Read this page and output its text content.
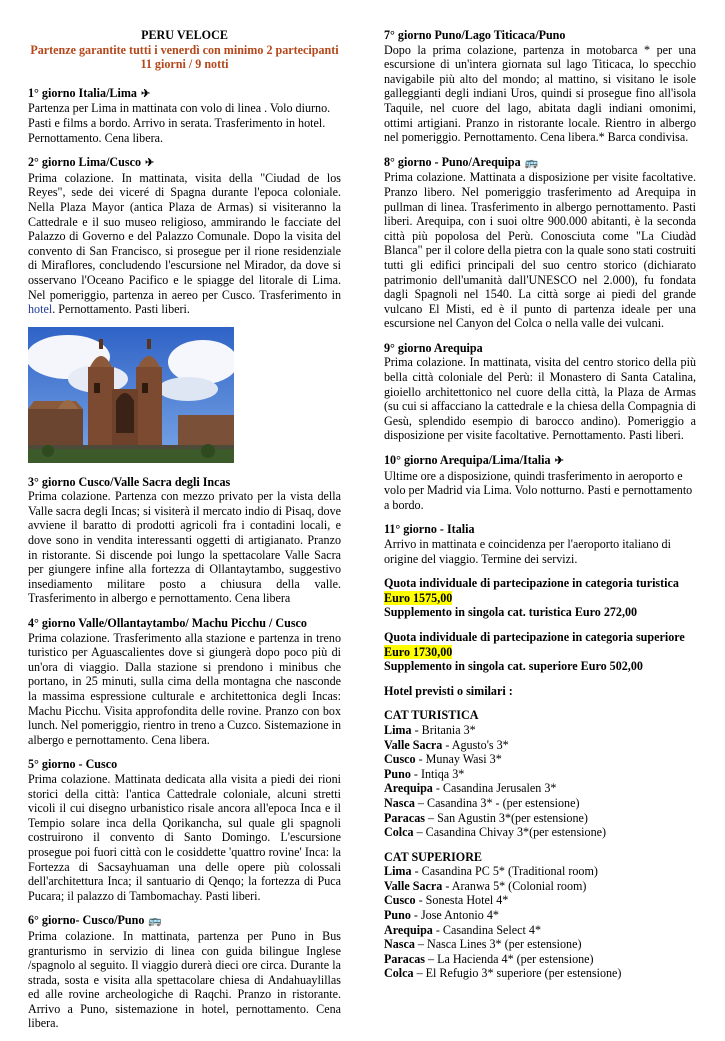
PERU VELOCE
Partenze garantite tutti i venerdì con minimo 2 partecipanti
11 giorni / 9 notti
1° giorno Italia/Lima ✈
Partenza per Lima in mattinata con volo di linea . Volo diurno. Pasti e films a bordo. Arrivo in serata. Trasferimento in hotel. Pernottamento. Cena libera.
2° giorno Lima/Cusco ✈
Prima colazione. In mattinata, visita della "Ciudad de los Reyes", sede dei viceré di Spagna durante l'epoca coloniale. Nella Plaza Mayor (antica Plaza de Armas) si visiteranno la Cattedrale e il suo museo religioso, ammirando le facciate del Palazzo di Governo e del Palazzo Comunale. Dopo la visita del convento di San Francisco, si prosegue per il rione residenziale di Miraflores, concludendo l'escursione nel Mirador, da dove si osservano l'Oceano Pacifico e le spiagge del litorale di Lima. Nel pomeriggio, partenza in aereo per Cusco. Trasferimento in hotel. Pernottamento. Pasti liberi.
3° giorno Cusco/Valle Sacra degli Incas
Prima colazione. Partenza con mezzo privato per la vista della Valle sacra degli Incas; si visiterà il mercato indio di Pisaq, dove avviene il baratto di prodotti agricoli fra i contadini locali, e dove sono in vendita interessanti oggetti di artigianato. Pranzo in ristorante. Si discende poi lungo la spettacolare Valle Sacra per giungere infine alla fortezza di Ollantaytambo, suggestivo insediamento militare posto a chiusura della valle. Trasferimento in albergo e pernottamento. Cena libera
4° giorno Valle/Ollantaytambo/ Machu Picchu / Cusco
Prima colazione. Trasferimento alla stazione e partenza in treno turistico per Aguascalientes dove si giungerà dopo poco più di un'ora di viaggio. Dalla stazione si prendono i minibus che portano, in 25 minuti, sulla cima della montagna che nasconde la massima espressione culturale e architettonica degli Incas: Machu Picchu. Visita approfondita delle rovine. Pranzo con box lunch. Nel pomeriggio, rientro in treno a Cuzco. Sistemazione in albergo e pernottamento. Cena libera.
5° giorno - Cusco
Prima colazione. Mattinata dedicata alla visita a piedi dei rioni storici della città: l'antica Cattedrale coloniale, alcuni stretti vicoli il cui disegno urbanistico risale ancora all'epoca Inca e il Tempio solare inca della Qorikancha, sul quale gli spagnoli costruirono il convento di Santo Domingo. L'escursione prosegue poi fuori città con le cosiddette 'quattro rovine' Inca: la Fortezza di Sacsayhuaman una delle opere più colossali dell'architettura Inca; il santuario di Qenqo; la fortezza di Puca Pucara; il palazzo di Tambomachay. Pasti liberi.
6° giorno- Cusco/Puno 🚌
Prima colazione. In mattinata, partenza per Puno in Bus granturismo in servizio di linea con guida bilingue Inglese /spagnolo al seguito. Il viaggio durerà dieci ore circa. Durante la strada, sosta e visita alla spettacolare chiesa di Andahuaylillas ed alle rovine archeologiche di Raqchi. Pranzo in ristorante. Arrivo a Puno, sistemazione in hotel, pernottamento. Cena libera.
7° giorno Puno/Lago Titicaca/Puno
Dopo la prima colazione, partenza in motobarca * per una escursione di un'intera giornata sul lago Titicaca, lo specchio navigabile più alto del mondo; al mattino, si visitano le isole galleggianti degli indiani Uros, quindi si prosegue fino all'isola Taquile, nel cuore del lago, abitata dagli indiani omonimi, ottimi artigiani. Pranzo in ristorante locale. Rientro in albergo nel pomeriggio. Pernottamento. Cena libera.* Barca condivisa.
8° giorno - Puno/Arequipa 🚌
Prima colazione. Mattinata a disposizione per visite facoltative. Pranzo libero. Nel pomeriggio trasferimento ad Arequipa in pullman di linea. Trasferimento in albergo pernottamento. Pasti liberi. Arequipa, con i suoi oltre 900.000 abitanti, è la seconda città più popolosa del Perù. Conosciuta come "La Ciudàd Blanca" per il colore della pietra con la quale sono stati costruiti tutti gli edifici principali del suo centro storico (dichiarato patrimonio dell'umanità dall'UNESCO nel 2.000), fu fondata dagli Spagnoli nel 1540. La città sorge ai piedi del grande vulcano El Misti, ed è il punto di partenza ideale per una escursione nel Canyon del Colca o nella valle dei vulcani.
9° giorno Arequipa
Prima colazione. In mattinata, visita del centro storico della più bella città coloniale del Perù: il Monastero di Santa Catalina, gioiello architettonico nel cuore della città, la Plaza de Armas (su cui si affacciano la cattedrale e la chiesa della Compagnia di Gesù, splendido esempio di barocco andino). Pomeriggio a disposizione per visite facoltative. Pernottamento. Pasti liberi.
10° giorno Arequipa/Lima/Italia ✈
Ultime ore a disposizione, quindi trasferimento in aeroporto e volo per Madrid via Lima. Volo notturno. Pasti e pernottamento a bordo.
11° giorno - Italia
Arrivo in mattinata e coincidenza per l'aeroporto italiano di origine del viaggio. Termine dei servizi.
Quota individuale di partecipazione in categoria turistica
Euro 1575,00
Supplemento in singola cat. turistica Euro 272,00
Quota individuale di partecipazione in categoria superiore
Euro 1730,00
Supplemento in singola cat. superiore Euro 502,00
Hotel previsti o similari :
CAT TURISTICA
Lima - Britania 3*
Valle Sacra - Agusto's 3*
Cusco - Munay Wasi 3*
Puno - Intiqa 3*
Arequipa - Casandina Jerusalen 3*
Nasca – Casandina 3* - (per estensione)
Paracas – San Agustin 3*(per estensione)
Colca – Casandina Chivay 3*(per estensione)
CAT SUPERIORE
Lima - Casandina PC 5* (Traditional room)
Valle Sacra - Aranwa 5* (Colonial room)
Cusco - Sonesta Hotel 4*
Puno - Jose Antonio 4*
Arequipa - Casandina Select 4*
Nasca – Nasca Lines 3* (per estensione)
Paracas – La Hacienda 4* (per estensione)
Colca – El Refugio 3* superiore (per estensione)
